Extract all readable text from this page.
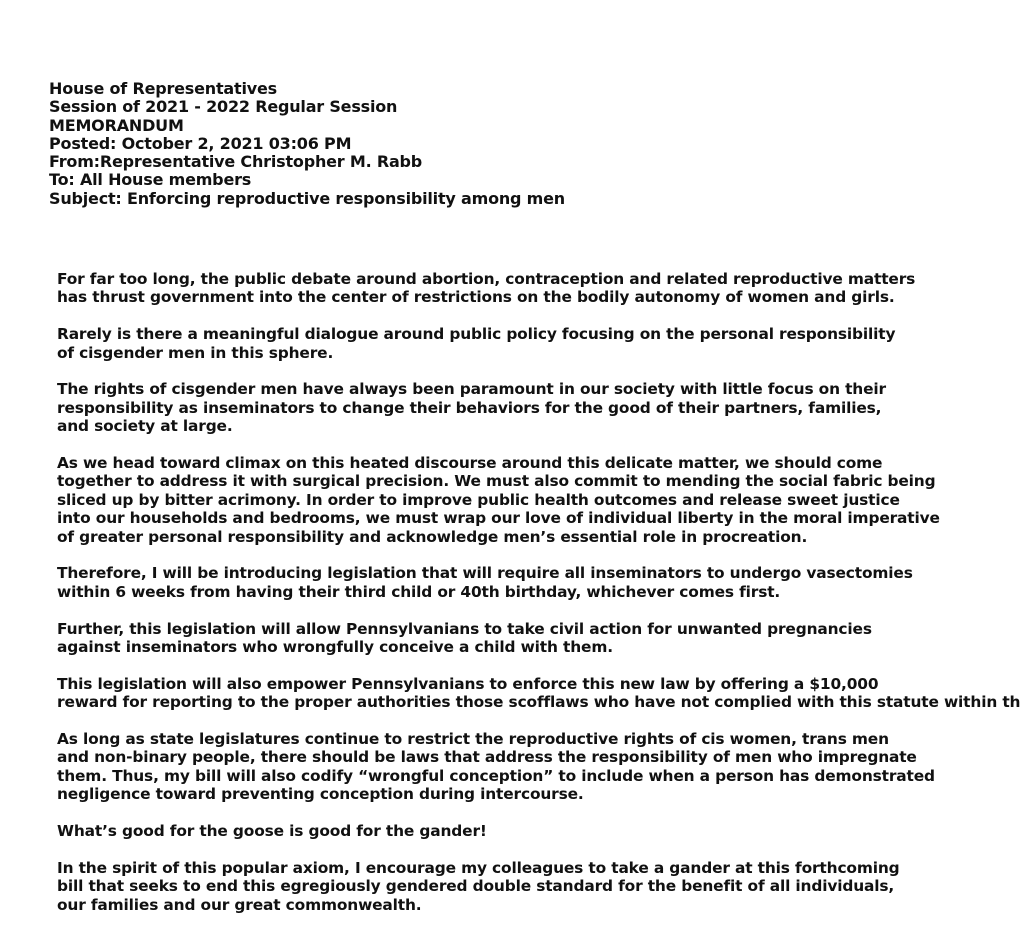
House of Representatives
Session of 2021 - 2022 Regular Session
MEMORANDUM
Posted: October 2, 2021 03:06 PM
From:Representative Christopher M. Rabb
To: All House members
Subject: Enforcing reproductive responsibility among men
For far too long, the public debate around abortion, contraception and related reproductive matters
has thrust government into the center of restrictions on the bodily autonomy of women and girls.
Rarely is there a meaningful dialogue around public policy focusing on the personal responsibility
of cisgender men in this sphere.
The rights of cisgender men have always been paramount in our society with little focus on their
responsibility as inseminators to change their behaviors for the good of their partners, families,
and society at large.
As we head toward climax on this heated discourse around this delicate matter, we should come
together to address it with surgical precision. We must also commit to mending the social fabric being
sliced up by bitter acrimony. In order to improve public health outcomes and release sweet justice
into our households and bedrooms, we must wrap our love of individual liberty in the moral imperative
of greater personal responsibility and acknowledge men’s essential role in procreation.
Therefore, I will be introducing legislation that will require all inseminators to undergo vasectomies
within 6 weeks from having their third child or 40th birthday, whichever comes first.
Further, this legislation will allow Pennsylvanians to take civil action for unwanted pregnancies
against inseminators who wrongfully conceive a child with them.
This legislation will also empower Pennsylvanians to enforce this new law by offering a $10,000
reward for reporting to the proper authorities those scofflaws who have not complied with this statute within th
As long as state legislatures continue to restrict the reproductive rights of cis women, trans men
and non-binary people, there should be laws that address the responsibility of men who impregnate
them. Thus, my bill will also codify “wrongful conception” to include when a person has demonstrated
negligence toward preventing conception during intercourse.
What’s good for the goose is good for the gander!
In the spirit of this popular axiom, I encourage my colleagues to take a gander at this forthcoming
bill that seeks to end this egregiously gendered double standard for the benefit of all individuals,
our families and our great commonwealth.
